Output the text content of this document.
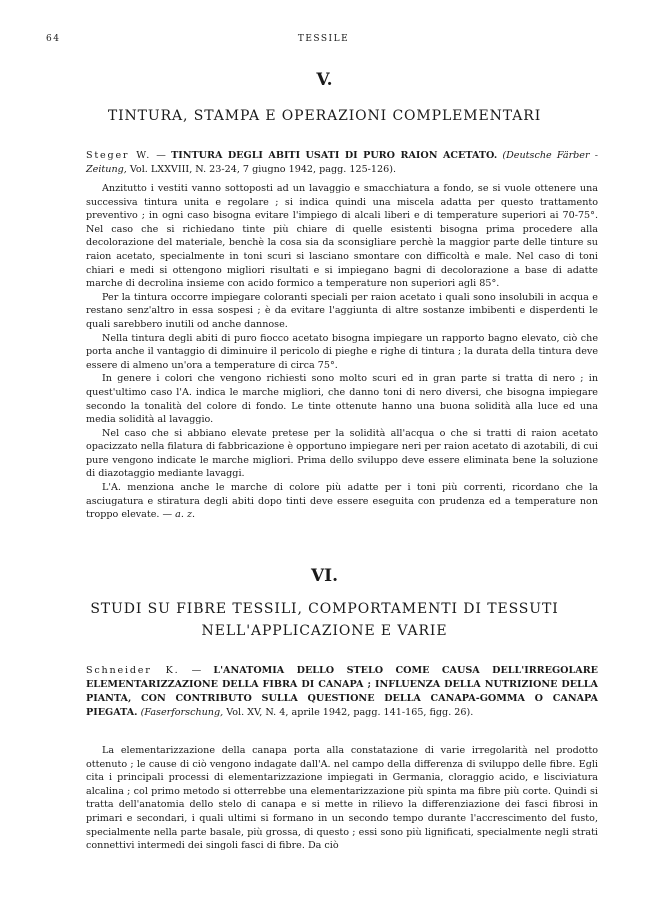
64	TESSILE
V.
TINTURA, STAMPA E OPERAZIONI COMPLEMENTARI
Steger W. — TINTURA DEGLI ABITI USATI DI PURO RAION ACETATO. (Deutsche Färber - Zeitung, Vol. LXXVIII, N. 23-24, 7 giugno 1942, pagg. 125-126).

Anzitutto i vestiti vanno sottoposti ad un lavaggio e smacchiatura a fondo, se si vuole ottenere una successiva tintura unita e regolare ; si indica quindi una miscela adatta per questo trattamento preventivo ; in ogni caso bisogna evitare l'impiego di alcali liberi e di temperature superiori ai 70-75°. Nel caso che si richiedano tinte più chiare di quelle esistenti bisogna prima procedere alla decolorazione del materiale, benchè la cosa sia da sconsigliare perchè la maggior parte delle tinture su raion acetato, specialmente in toni scuri si lasciano smontare con difficoltà e male. Nel caso di toni chiari e medi si ottengono migliori risultati e si impiegano bagni di decolorazione a base di adatte marche di decrolina insieme con acido formico a temperature non superiori agli 85°.

Per la tintura occorre impiegare coloranti speciali per raion acetato i quali sono insolubili in acqua e restano senz'altro in essa sospesi ; è da evitare l'aggiunta di altre sostanze imbibenti e disperdenti le quali sarebbero inutili od anche dannose.

Nella tintura degli abiti di puro fiocco acetato bisogna impiegare un rapporto bagno elevato, ciò che porta anche il vantaggio di diminuire il pericolo di pieghe e righe di tintura ; la durata della tintura deve essere di almeno un'ora a temperature di circa 75°.

In genere i colori che vengono richiesti sono molto scuri ed in gran parte si tratta di nero ; in quest'ultimo caso l'A. indica le marche migliori, che danno toni di nero diversi, che bisogna impiegare secondo la tonalità del colore di fondo. Le tinte ottenute hanno una buona solidità alla luce ed una media solidità al lavaggio.

Nel caso che si abbiano elevate pretese per la solidità all'acqua o che si tratti di raion acetato opacizzato nella filatura di fabbricazione è opportuno impiegare neri per raion acetato di azotabili, di cui pure vengono indicate le marche migliori. Prima dello sviluppo deve essere eliminata bene la soluzione di diazotaggio mediante lavaggi.

L'A. menziona anche le marche di colore più adatte per i toni più correnti, ricordano che la asciugatura e stiratura degli abiti dopo tinti deve essere eseguita con prudenza ed a temperature non troppo elevate. — a. z.

VI.
STUDI SU FIBRE TESSILI, COMPORTAMENTI DI TESSUTI
NELL'APPLICAZIONE E VARIE
Schneider K. — L'ANATOMIA DELLO STELO COME CAUSA DELL'IRREGOLARE ELEMENTARIZZAZIONE DELLA FIBRA DI CANAPA ; INFLUENZA DELLA NUTRIZIONE DELLA PIANTA, CON CONTRIBUTO SULLA QUESTIONE DELLA CANAPA-GOMMA O CANAPA PIEGATA. (Faserforschung, Vol. XV, N. 4, aprile 1942, pagg. 141-165, figg. 26).

La elementarizzazione della canapa porta alla constatazione di varie irregolarità nel prodotto ottenuto ; le cause di ciò vengono indagate dall'A. nel campo della differenza di sviluppo delle fibre. Egli cita i principali processi di elementarizzazione impiegati in Germania, cloraggio acido, e lisciviatura alcalina ; col primo metodo si otterrebbe una elementarizzazione più spinta ma fibre più corte. Quindi si tratta dell'anatomia dello stelo di canapa e si mette in rilievo la differenziazione dei fasci fibrosi in primari e secondari, i quali ultimi si formano in un secondo tempo durante l'accrescimento del fusto, specialmente nella parte basale, più grossa, di questo ; essi sono più lignificati, specialmente negli strati connettivi intermedi dei singoli fasci di fibre. Da ciò
